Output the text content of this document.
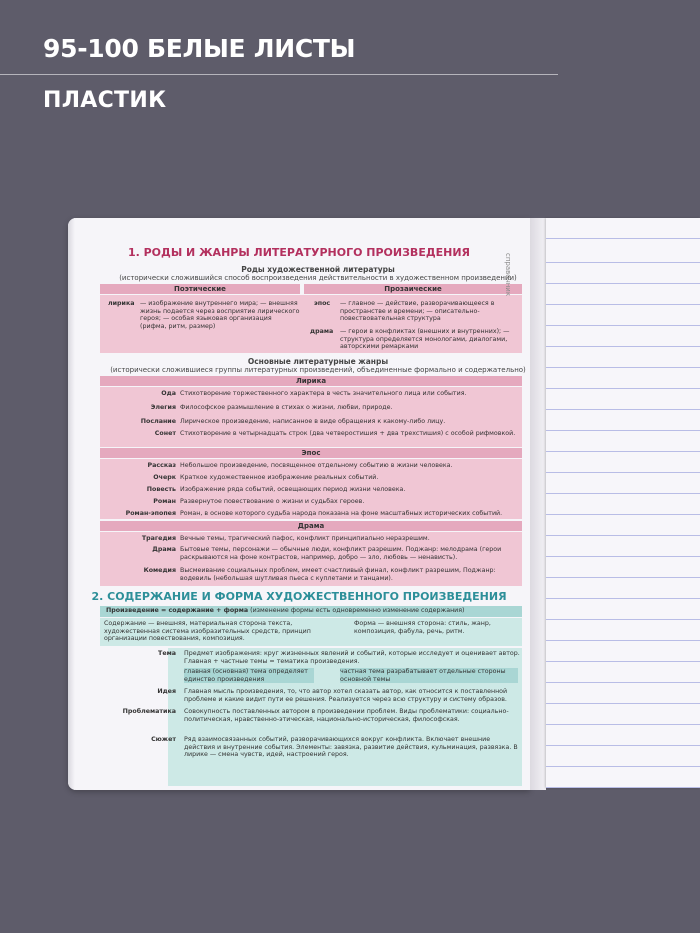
95-100 БЕЛЫЕ ЛИСТЫ
ПЛАСТИК
1. РОДЫ И ЖАНРЫ ЛИТЕРАТУРНОГО ПРОИЗВЕДЕНИЯ
Роды художественной литературы
(исторически сложившийся способ воспроизведения действительности в художественном произведении)
Поэтические	Прозаические
лирика — изображение внутреннего мира; — внешняя жизнь подается через восприятие лирического героя; — особая языковая организация (рифма, ритм, размер)
эпос — главное — действие, разворачивающееся в пространстве и времени; — описательно-повествовательная структура
драма — герои в конфликтах (внешних и внутренних); — структура определяется монологами, диалогами, авторскими ремарками
Основные литературные жанры
(исторически сложившиеся группы литературных произведений, объединенные формально и содержательно)
Лирика
Ода Стихотворение торжественного характера в честь значительного лица или события.
Элегия Философское размышление в стихах о жизни, любви, природе.
Послание Лирическое произведение, написанное в виде обращения к какому-либо лицу.
Сонет Стихотворение в четырнадцать строк (два четверостишия + два трехстишия) с особой рифмовкой.
Эпос
Рассказ Небольшое произведение, посвященное отдельному событию в жизни человека.
Очерк Краткое художественное изображение реальных событий.
Повесть Изображение ряда событий, освещающих период жизни человека.
Роман Развернутое повествование о жизни и судьбах героев.
Роман-эпопея Роман, в основе которого судьба народа показана на фоне масштабных исторических событий.
Драма
Трагедия Вечные темы, трагический пафос, конфликт принципиально неразрешим.
Драма Бытовые темы, персонажи — обычные люди, конфликт разрешим. Поджанр: мелодрама (герои раскрываются на фоне контрастов, например, добро — зло, любовь — ненависть).
Комедия Высмеивание социальных проблем, имеет счастливый финал, конфликт разрешим, Поджанр: водевиль (небольшая шутливая пьеса с куплетами и танцами).
2. СОДЕРЖАНИЕ И ФОРМА ХУДОЖЕСТВЕННОГО ПРОИЗВЕДЕНИЯ
Произведение = содержание + форма (изменение формы есть одновременно изменение содержания)
Содержание — внешняя, материальная сторона текста, художественная система изобразительных средств, принцип организации повествования, композиция.
Форма — внешняя сторона: стиль, жанр, композиция, фабула, речь, ритм.
Тема Предмет изображения: круг жизненных явлений и событий, которые исследует и оценивает автор. Главная + частные темы = тематика произведения.
главная (основная) тема определяет единство произведения
частная тема разрабатывает отдельные стороны основной темы
Идея Главная мысль произведения, то, что автор хотел сказать автор, как относится к поставленной проблеме и какие видит пути ее решения. Реализуется через всю структуру и систему образов.
Проблематика Совокупность поставленных автором в произведении проблем. Виды проблематики: социально-политическая, нравственно-этическая, национально-историческая, философская.
Сюжет Ряд взаимосвязанных событий, разворачивающихся вокруг конфликта. Включает внешние действия и внутренние события. Элементы: завязка, развитие действия, кульминация, развязка. В лирике — смена чувств, идей, настроений героя.
справочник
